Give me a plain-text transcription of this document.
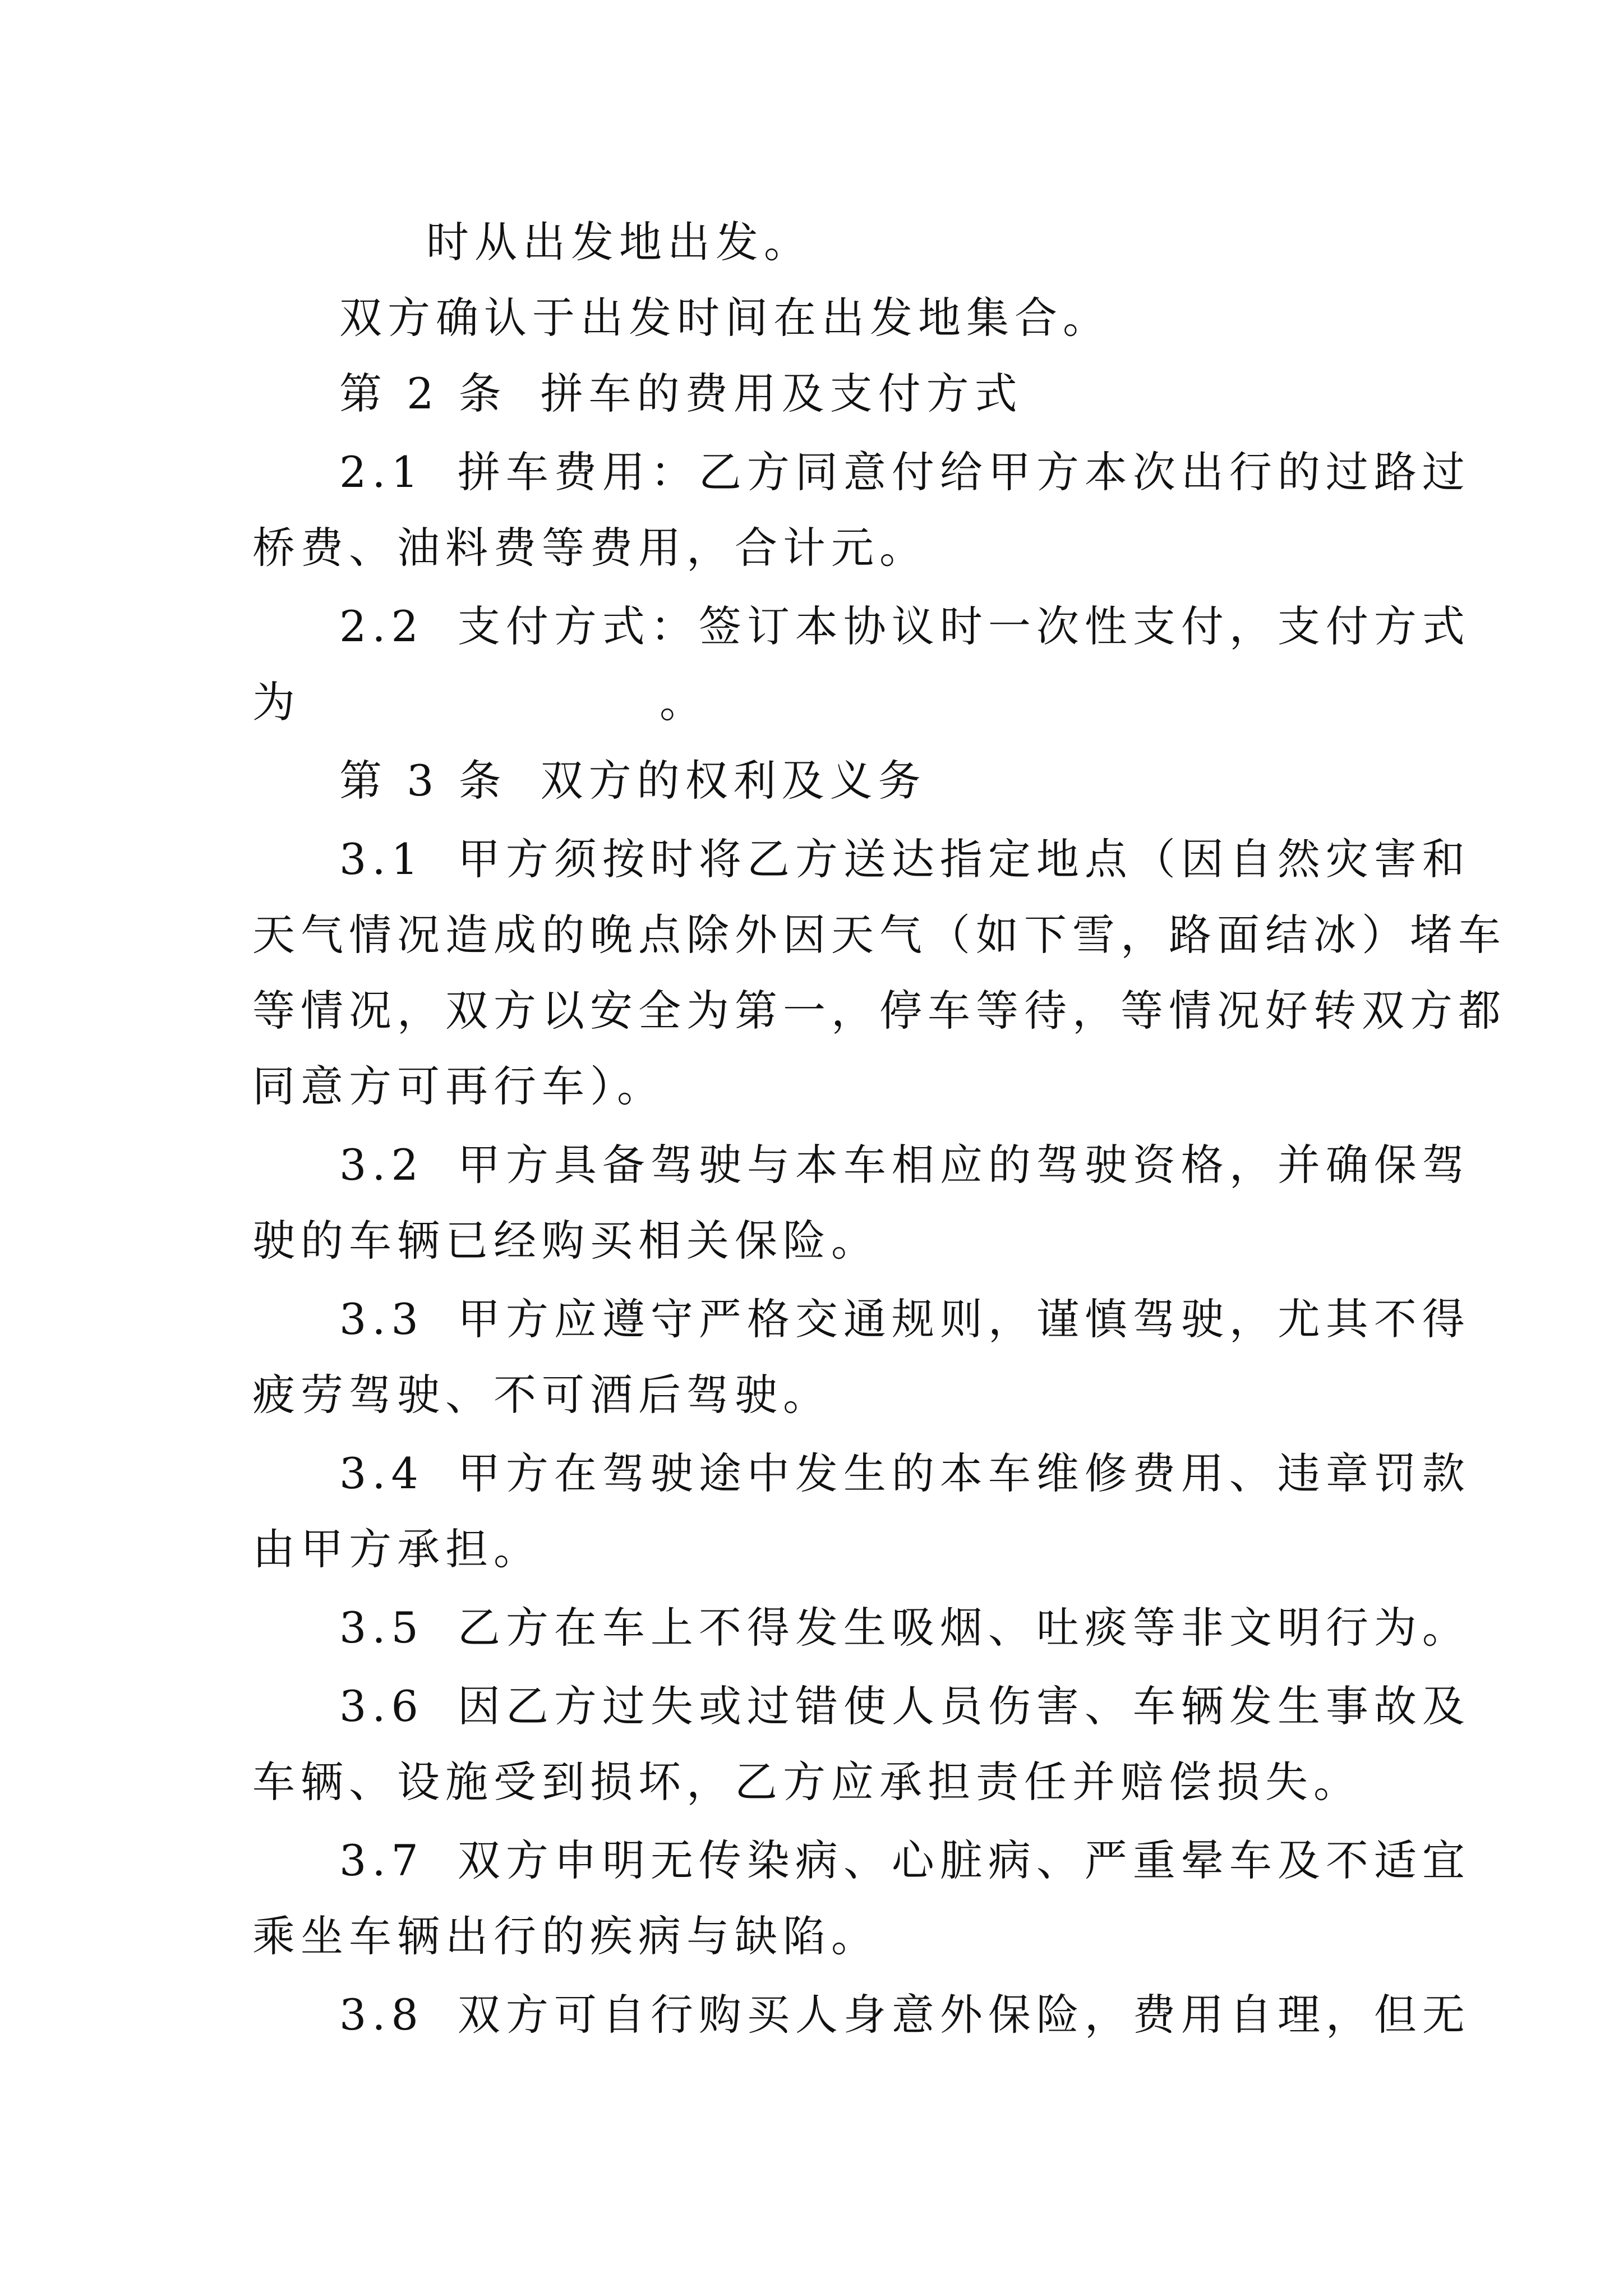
时从出发地出发。
双方确认于出发时间在出发地集合。
第 2 条 拼车的费用及支付方式
2.1 拼车费用：乙方同意付给甲方本次出行的过路过
桥费、油料费等费用，合计元。
2.2 支付方式：签订本协议时一次性支付，支付方式
为	。
第 3 条 双方的权利及义务
3.1 甲方须按时将乙方送达指定地点（因自然灾害和
天气情况造成的晚点除外因天气（如下雪，路面结冰）堵车
等情况，双方以安全为第一，停车等待，等情况好转双方都
同意方可再行车）。
3.2 甲方具备驾驶与本车相应的驾驶资格，并确保驾
驶的车辆已经购买相关保险。
3.3 甲方应遵守严格交通规则，谨慎驾驶，尤其不得
疲劳驾驶、不可酒后驾驶。
3.4 甲方在驾驶途中发生的本车维修费用、违章罚款
由甲方承担。
3.5 乙方在车上不得发生吸烟、吐痰等非文明行为。
3.6 因乙方过失或过错使人员伤害、车辆发生事故及
车辆、设施受到损坏，乙方应承担责任并赔偿损失。
3.7 双方申明无传染病、心脏病、严重晕车及不适宜
乘坐车辆出行的疾病与缺陷。
3.8 双方可自行购买人身意外保险，费用自理，但无
